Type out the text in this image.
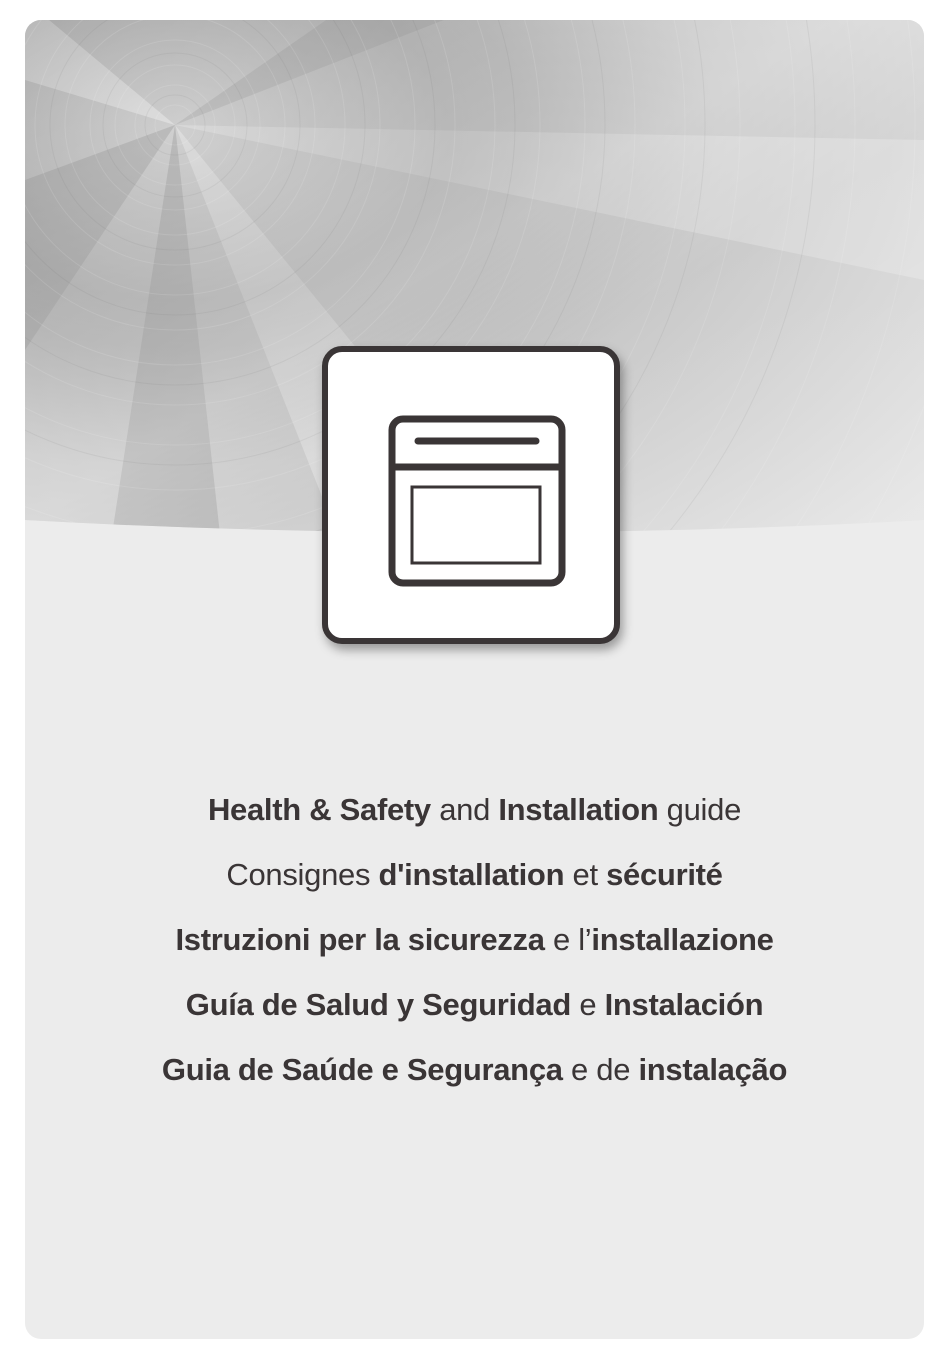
Health & Safety and Installation guide
Consignes d'installation et sécurité
Istruzioni per la sicurezza e l’installazione
Guía de Salud y Seguridad e Instalación
Guia de Saúde e Segurança e de instalação
